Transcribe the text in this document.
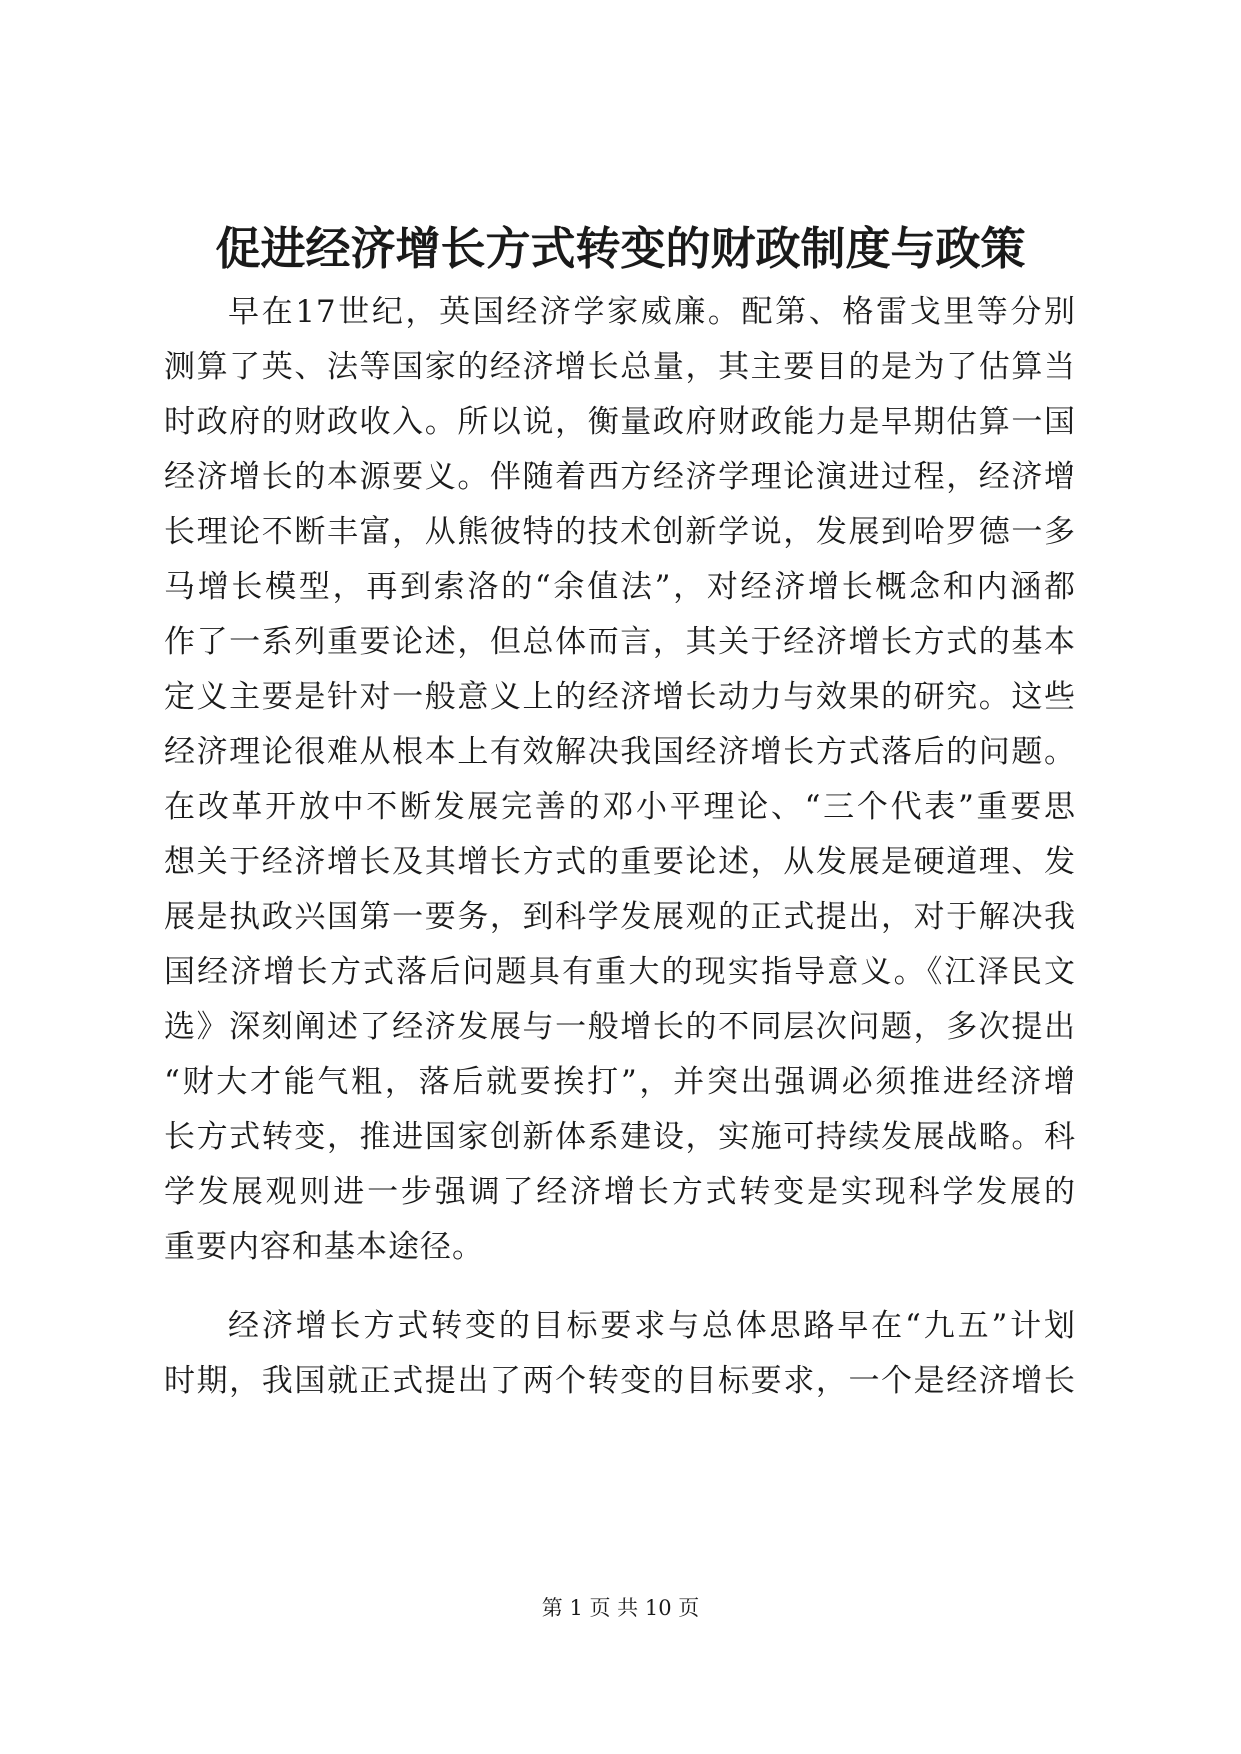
促进经济增长方式转变的财政制度与政策
早在17世纪，英国经济学家威廉。配第、格雷戈里等分别
测算了英、法等国家的经济增长总量，其主要目的是为了估算当
时政府的财政收入。所以说，衡量政府财政能力是早期估算一国
经济增长的本源要义。伴随着西方经济学理论演进过程，经济增
长理论不断丰富，从熊彼特的技术创新学说，发展到哈罗德一多
马增长模型，再到索洛的“余值法”，对经济增长概念和内涵都
作了一系列重要论述，但总体而言，其关于经济增长方式的基本
定义主要是针对一般意义上的经济增长动力与效果的研究。这些
经济理论很难从根本上有效解决我国经济增长方式落后的问题。
在改革开放中不断发展完善的邓小平理论、“三个代表”重要思
想关于经济增长及其增长方式的重要论述，从发展是硬道理、发
展是执政兴国第一要务，到科学发展观的正式提出，对于解决我
国经济增长方式落后问题具有重大的现实指导意义。《江泽民文
选》深刻阐述了经济发展与一般增长的不同层次问题，多次提出
“财大才能气粗，落后就要挨打”，并突出强调必须推进经济增
长方式转变，推进国家创新体系建设，实施可持续发展战略。科
学发展观则进一步强调了经济增长方式转变是实现科学发展的
重要内容和基本途径。
经济增长方式转变的目标要求与总体思路早在“九五”计划
时期，我国就正式提出了两个转变的目标要求，一个是经济增长
第 1 页 共 10 页
